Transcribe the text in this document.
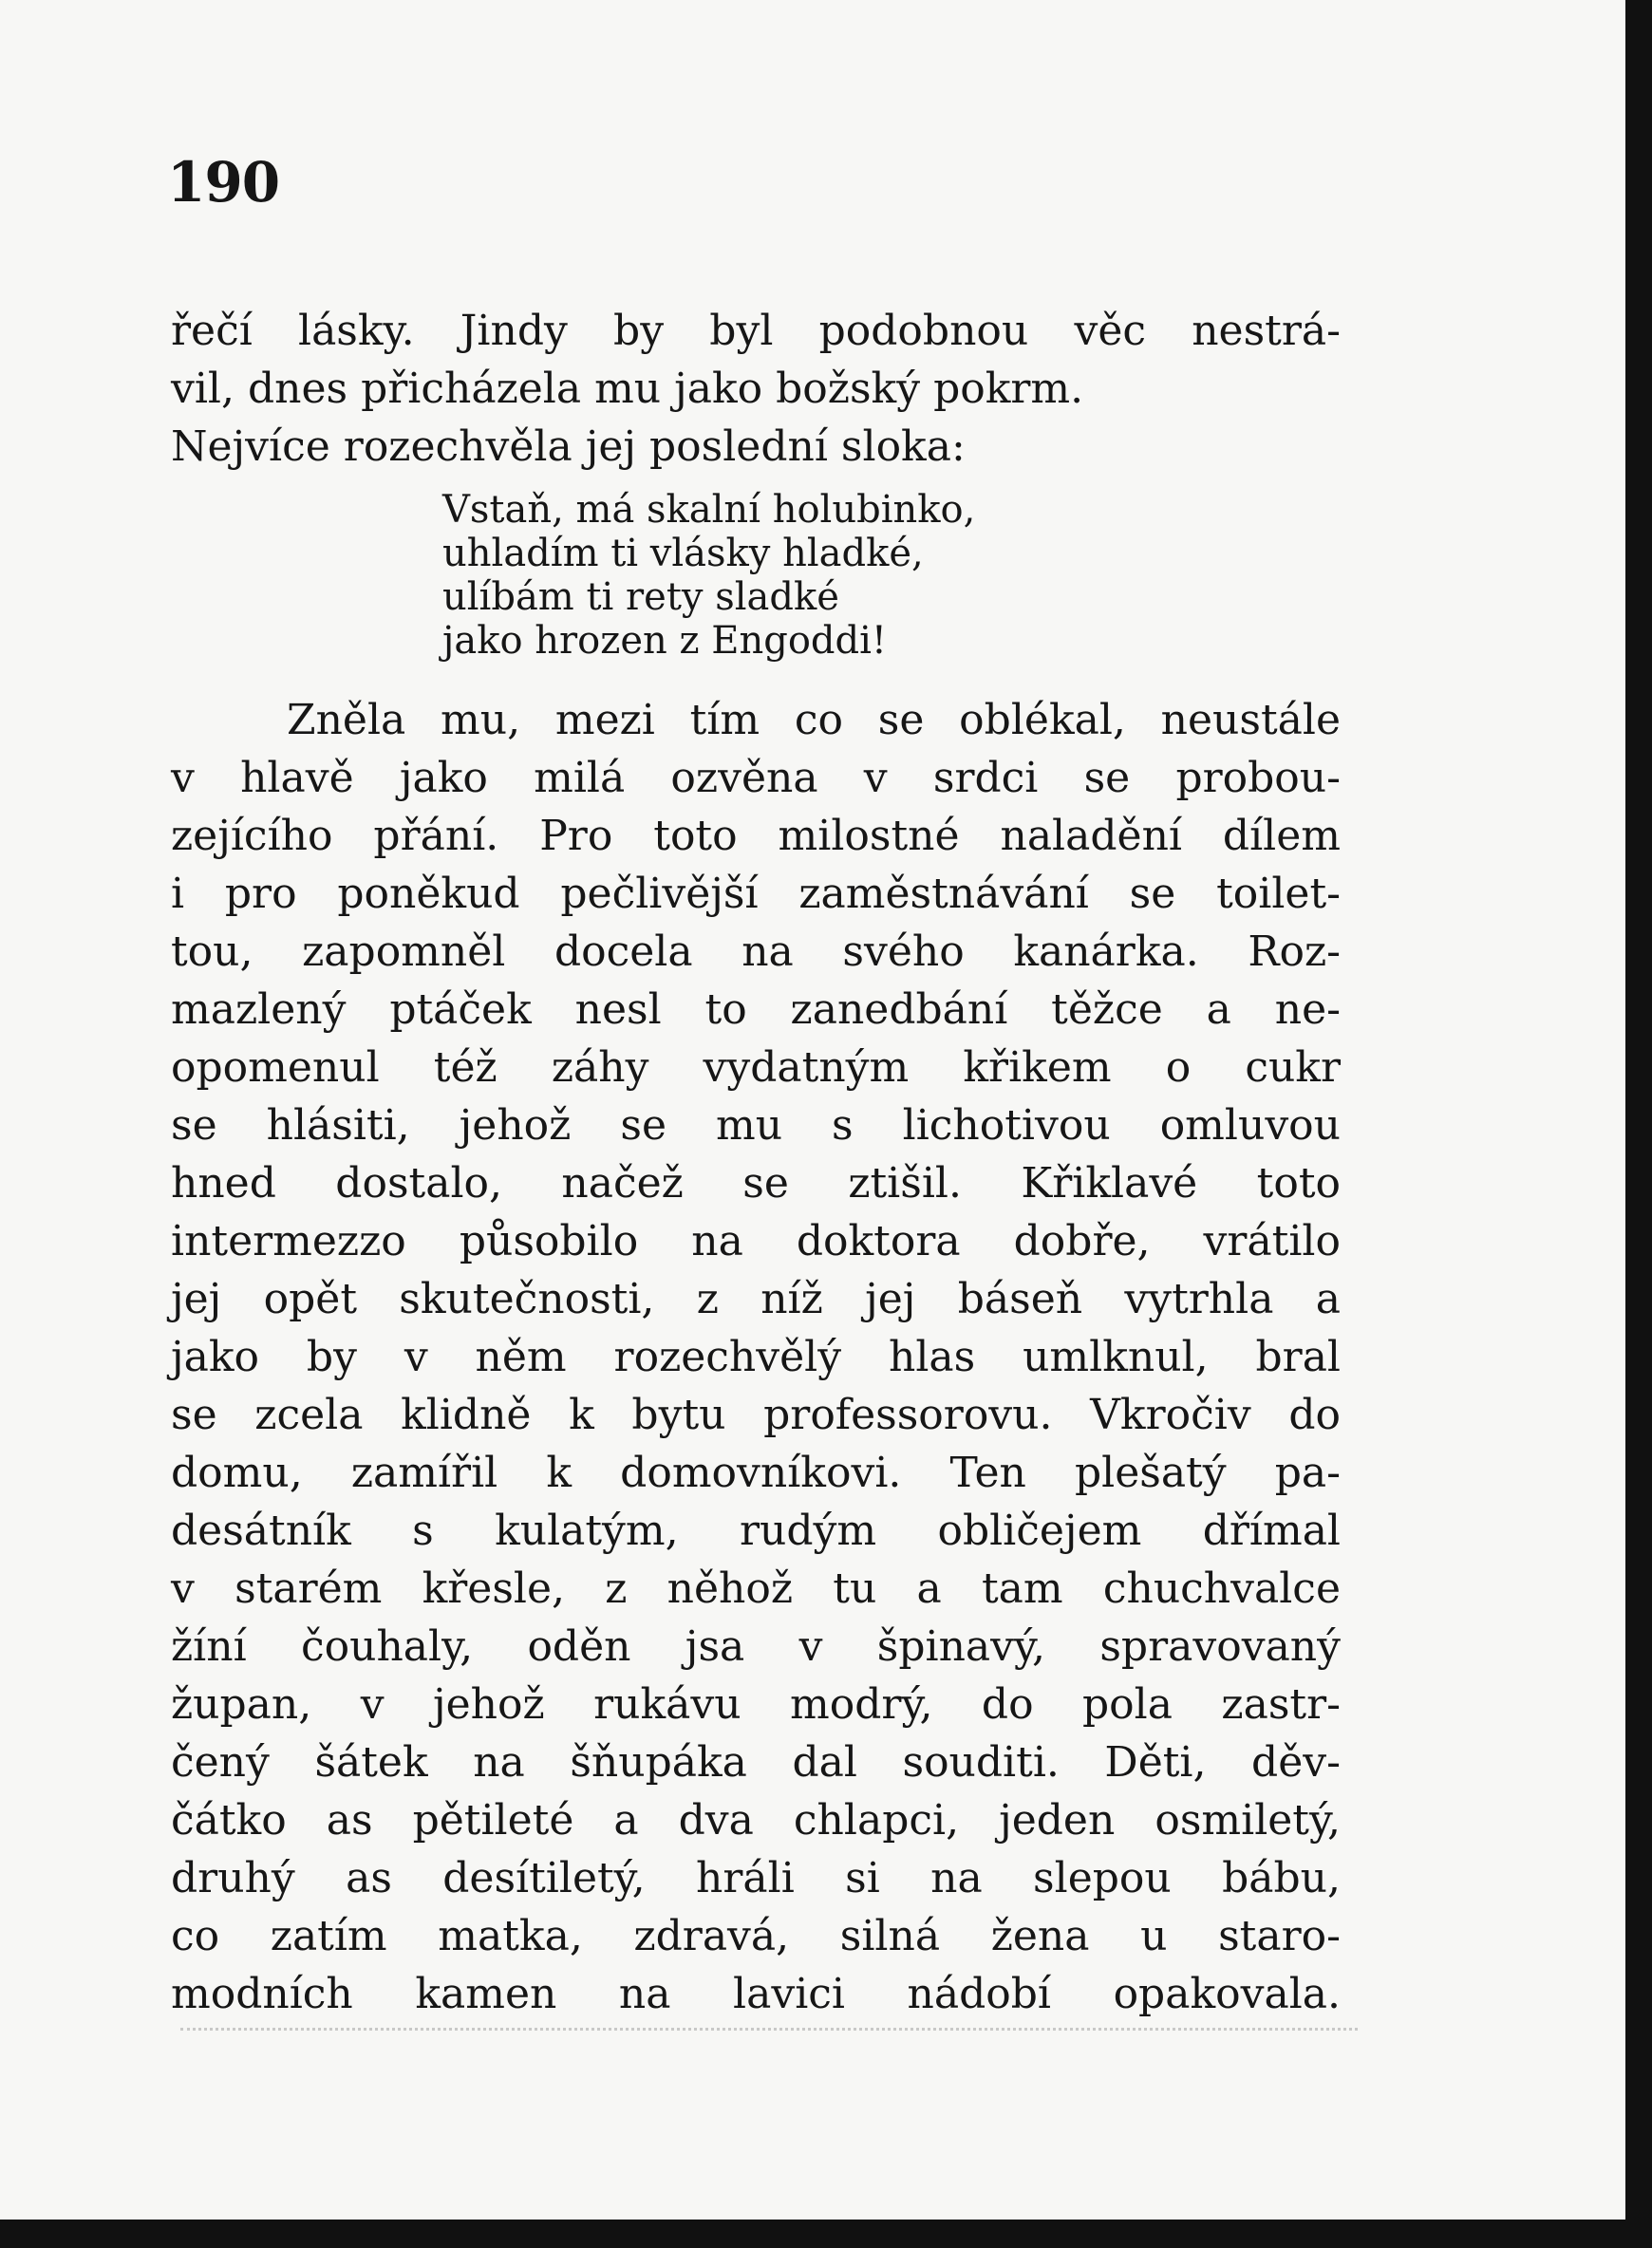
190
řečí lásky. Jindy by byl podobnou věc nestrá-
vil, dnes přicházela mu jako božský pokrm.
Nejvíce rozechvěla jej poslední sloka:
Vstaň, má skalní holubinko,
uhladím ti vlásky hladké,
ulíbám ti rety sladké
jako hrozen z Engoddi!
Zněla mu, mezi tím co se oblékal, neustále
v hlavě jako milá ozvěna v srdci se probou-
zejícího přání. Pro toto milostné naladění dílem
i pro poněkud pečlivější zaměstnávání se toilet-
tou, zapomněl docela na svého kanárka. Roz-
mazlený ptáček nesl to zanedbání těžce a ne-
opomenul též záhy vydatným křikem o cukr
se hlásiti, jehož se mu s lichotivou omluvou
hned dostalo, načež se ztišil. Křiklavé toto
intermezzo působilo na doktora dobře, vrátilo
jej opět skutečnosti, z níž jej báseň vytrhla a
jako by v něm rozechvělý hlas umlknul, bral
se zcela klidně k bytu professorovu. Vkročiv do
domu, zamířil k domovníkovi. Ten plešatý pa-
desátník s kulatým, rudým obličejem dřímal
v starém křesle, z něhož tu a tam chuchvalce
žíní čouhaly, oděn jsa v špinavý, spravovaný
župan, v jehož rukávu modrý, do pola zastr-
čený šátek na šňupáka dal souditi. Děti, děv-
čátko as pětileté a dva chlapci, jeden osmiletý,
druhý as desítiletý, hráli si na slepou bábu,
co zatím matka, zdravá, silná žena u staro-
modních kamen na lavici nádobí opakovala.
